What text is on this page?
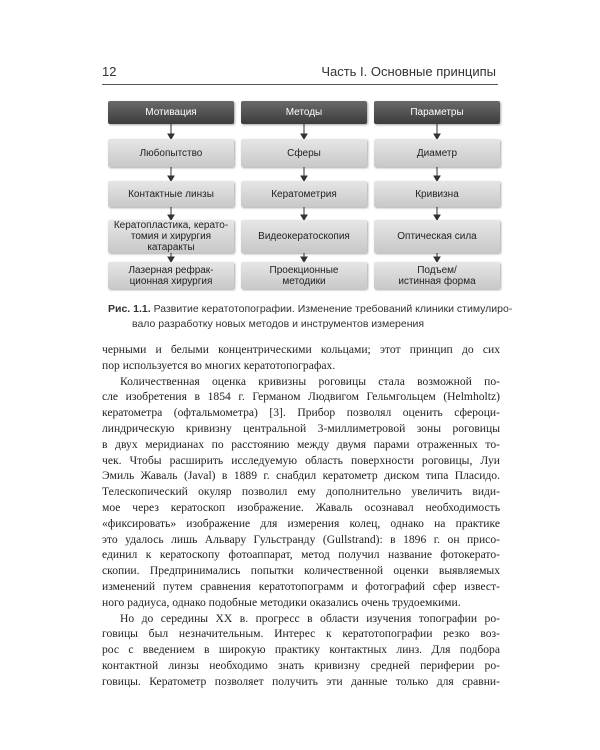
12	Часть I. Основные принципы
Мотивация
Любопытство
Контактные линзы
Кератопластика, керато-
томия и хирургия
катаракты
Лазерная рефрак-
ционная хирургия
Методы
Сферы
Кератометрия
Видеокератоскопия
Проекционные
методики
Параметры
Диаметр
Кривизна
Оптическая сила
Подъем/
истинная форма
Рис. 1.1. Развитие кератотопографии. Изменение требований клиники стимулиро-
вало разработку новых методов и инструментов измерения
черными и белыми концентрическими кольцами; этот принцип до сих
пор используется во многих кератотопографах.
Количественная оценка кривизны роговицы стала возможной по-
сле изобретения в 1854 г. Германом Людвигом Гельмгольцем (Helmholtz)
кератометра (офтальмометра) [3]. Прибор позволял оценить сфероци-
линдрическую кривизну центральной 3-миллиметровой зоны роговицы
в двух меридианах по расстоянию между двумя парами отраженных то-
чек. Чтобы расширить исследуемую область поверхности роговицы, Луи
Эмиль Жаваль (Javal) в 1889 г. снабдил кератометр диском типа Пласидо.
Телескопический окуляр позволил ему дополнительно увеличить види-
мое через кератоскоп изображение. Жаваль осознавал необходимость
«фиксировать» изображение для измерения колец, однако на практике
это удалось лишь Альвару Гульстранду (Gullstrand): в 1896 г. он присо-
единил к кератоскопу фотоаппарат, метод получил название фотокерато-
скопии. Предпринимались попытки количественной оценки выявляемых
изменений путем сравнения кератотопограмм и фотографий сфер извест-
ного радиуса, однако подобные методики оказались очень трудоемкими.
Но до середины XX в. прогресс в области изучения топографии ро-
говицы был незначительным. Интерес к кератотопографии резко воз-
рос с введением в широкую практику контактных линз. Для подбора
контактной линзы необходимо знать кривизну средней периферии ро-
говицы. Кератометр позволяет получить эти данные только для сравни-
